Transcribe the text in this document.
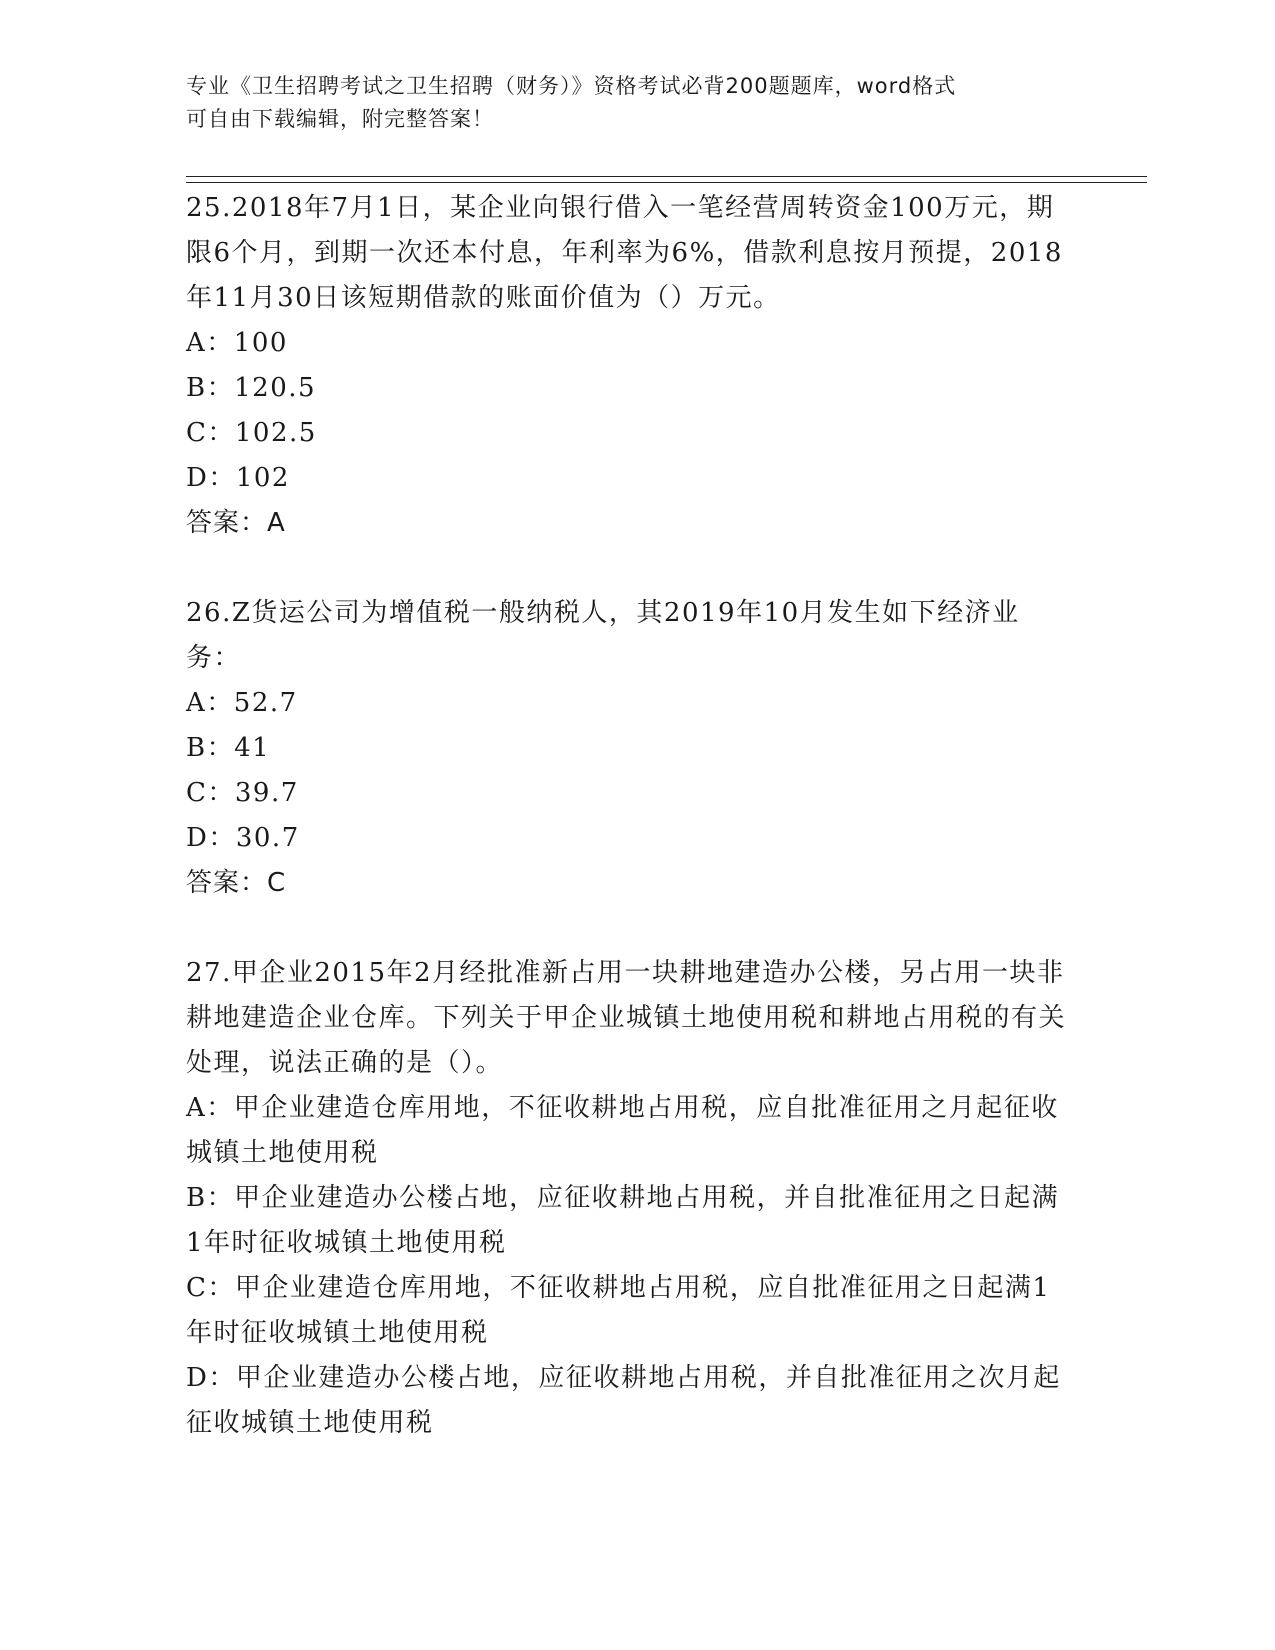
专业《卫生招聘考试之卫生招聘（财务）》资格考试必背200题题库，word格式
可自由下载编辑，附完整答案！

25.2018年7月1日，某企业向银行借入一笔经营周转资金100万元，期限6个月，到期一次还本付息，年利率为6%，借款利息按月预提，2018年11月30日该短期借款的账面价值为（）万元。

A：100

B：120.5

C：102.5

D：102

答案：A

26.Z货运公司为增值税一般纳税人，其2019年10月发生如下经济业务：

A：52.7

B：41

C：39.7

D：30.7

答案：C

27.甲企业2015年2月经批准新占用一块耕地建造办公楼，另占用一块非耕地建造企业仓库。下列关于甲企业城镇土地使用税和耕地占用税的有关处理，说法正确的是（）。

A：甲企业建造仓库用地，不征收耕地占用税，应自批准征用之月起征收城镇土地使用税

B：甲企业建造办公楼占地，应征收耕地占用税，并自批准征用之日起满1年时征收城镇土地使用税

C：甲企业建造仓库用地，不征收耕地占用税，应自批准征用之日起满1年时征收城镇土地使用税

D：甲企业建造办公楼占地，应征收耕地占用税，并自批准征用之次月起征收城镇土地使用税
